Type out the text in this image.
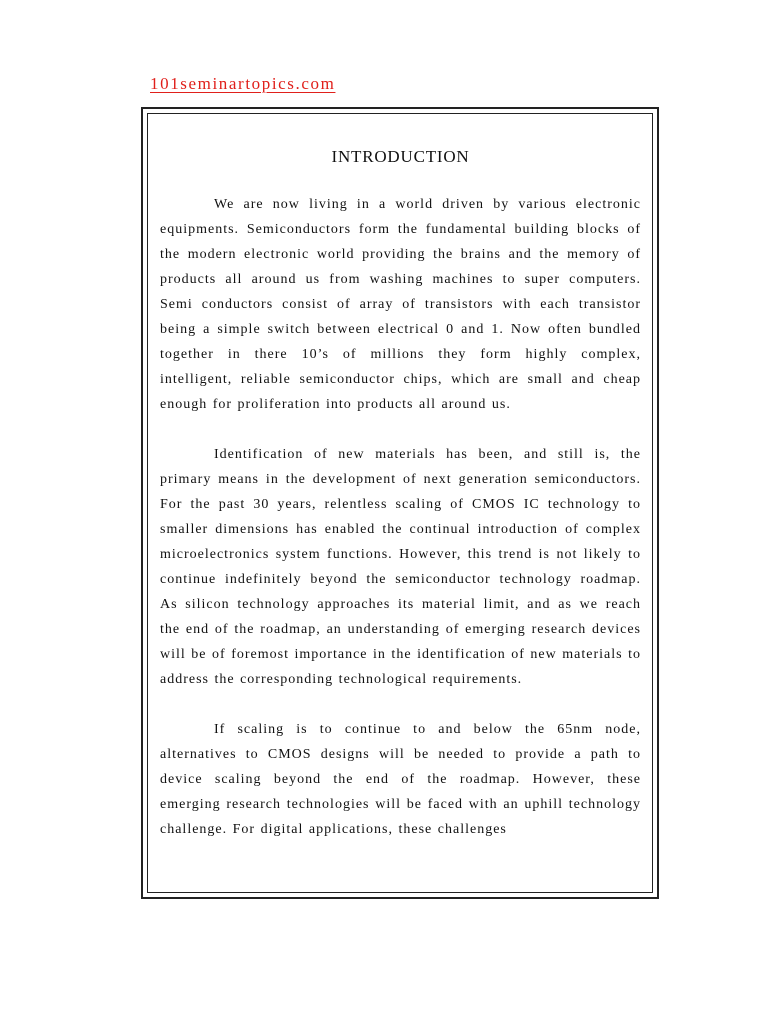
101seminartopics.com
INTRODUCTION

We are now living in a world driven by various electronic equipments. Semiconductors form the fundamental building blocks of the modern electronic world providing the brains and the memory of products all around us from washing machines to super computers. Semi conductors consist of array of transistors with each transistor being a simple switch between electrical 0 and 1. Now often bundled together in there 10’s of millions they form highly complex, intelligent, reliable semiconductor chips, which are small and cheap enough for proliferation into products all around us.

Identification of new materials has been, and still is, the primary means in the development of next generation semiconductors. For the past 30 years, relentless scaling of CMOS IC technology to smaller dimensions has enabled the continual introduction of complex microelectronics system functions. However, this trend is not likely to continue indefinitely beyond the semiconductor technology roadmap. As silicon technology approaches its material limit, and as we reach the end of the roadmap, an understanding of emerging research devices will be of foremost importance in the identification of new materials to address the corresponding technological requirements.

If scaling is to continue to and below the 65nm node, alternatives to CMOS designs will be needed to provide a path to device scaling beyond the end of the roadmap. However, these emerging research technologies will be faced with an uphill technology challenge. For digital applications, these challenges
